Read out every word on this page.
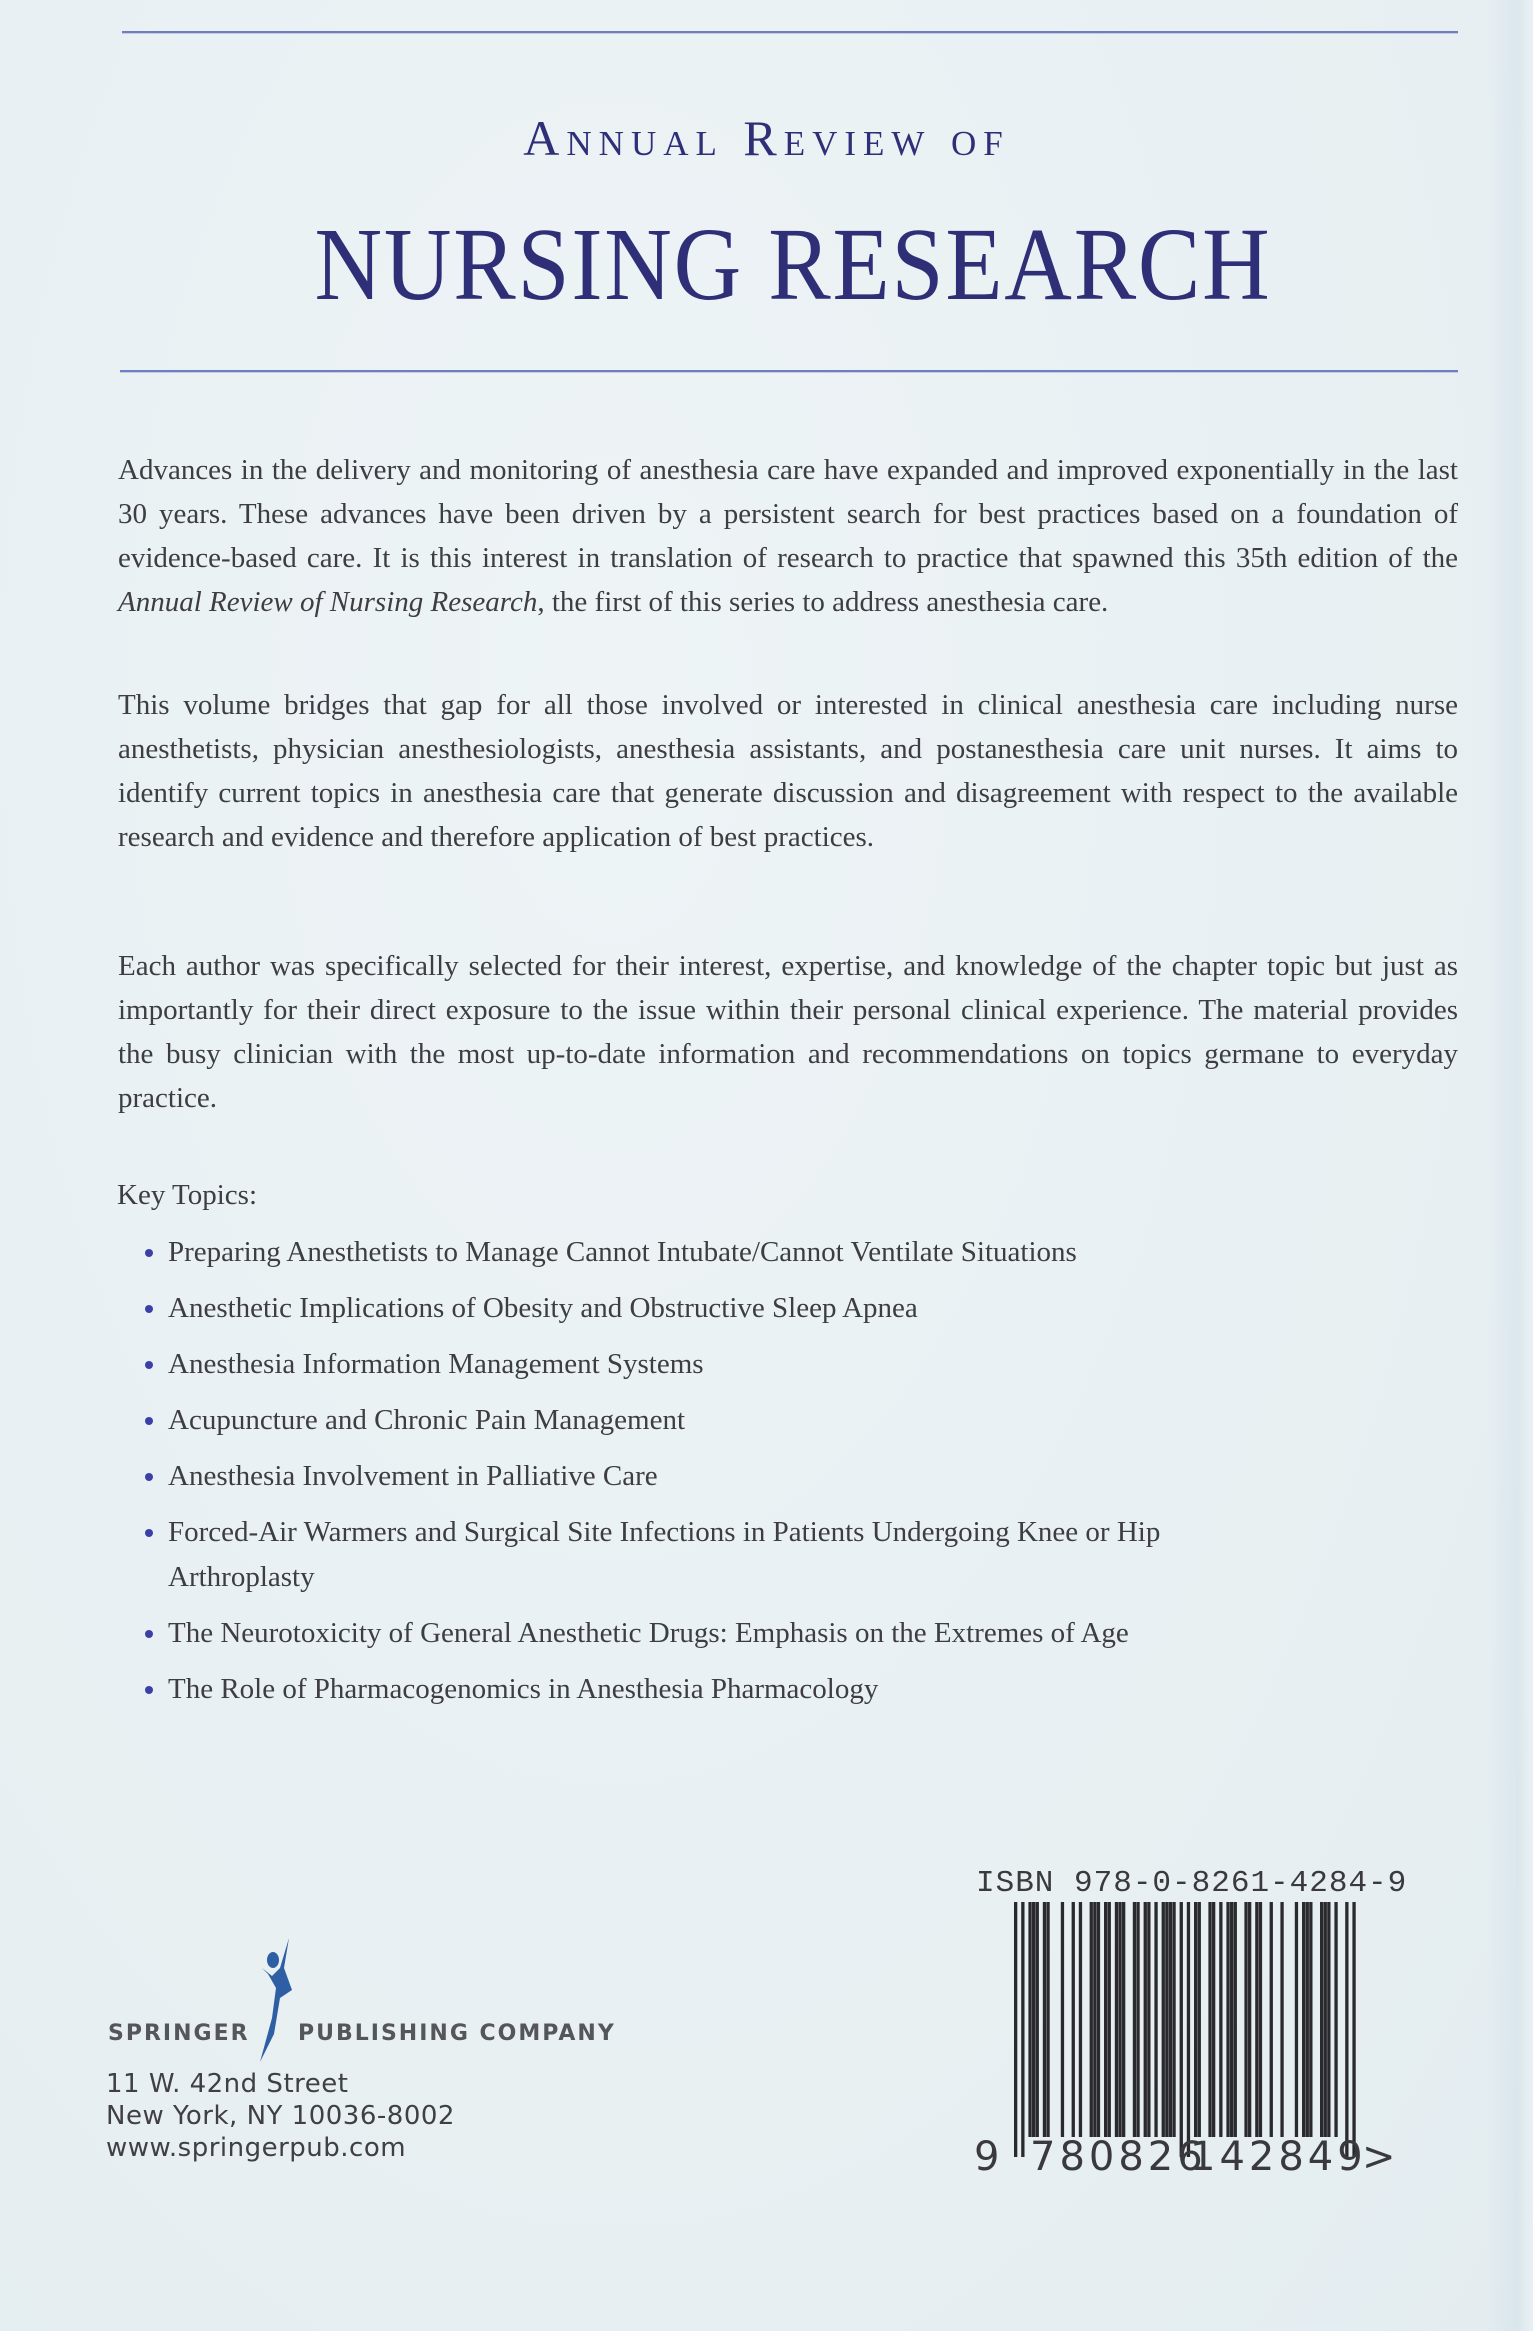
Annual Review of
NURSING RESEARCH

Advances in the delivery and monitoring of anesthesia care have expanded and improved exponentially in the last 30 years. These advances have been driven by a persistent search for best practices based on a foundation of evidence-based care. It is this interest in translation of research to practice that spawned this 35th edition of the Annual Review of Nursing Research, the first of this series to address anesthesia care.

This volume bridges that gap for all those involved or interested in clinical anesthesia care including nurse anesthetists, physician anesthesiologists, anesthesia assistants, and postanesthesia care unit nurses. It aims to identify current topics in anesthesia care that generate discussion and disagreement with respect to the available research and evidence and therefore application of best practices.

Each author was specifically selected for their interest, expertise, and knowledge of the chapter topic but just as importantly for their direct exposure to the issue within their personal clinical experience. The material provides the busy clinician with the most up-to-date information and recommendations on topics germane to everyday practice.

Key Topics:
Preparing Anesthetists to Manage Cannot Intubate/Cannot Ventilate Situations
Anesthetic Implications of Obesity and Obstructive Sleep Apnea
Anesthesia Information Management Systems
Acupuncture and Chronic Pain Management
Anesthesia Involvement in Palliative Care
Forced-Air Warmers and Surgical Site Infections in Patients Undergoing Knee or Hip Arthroplasty
The Neurotoxicity of General Anesthetic Drugs: Emphasis on the Extremes of Age
The Role of Pharmacogenomics in Anesthesia Pharmacology
SPRINGER PUBLISHING COMPANY
11 W. 42nd Street
New York, NY 10036-8002
www.springerpub.com
ISBN 978-0-8261-4284-9
9 780826
142849
>
